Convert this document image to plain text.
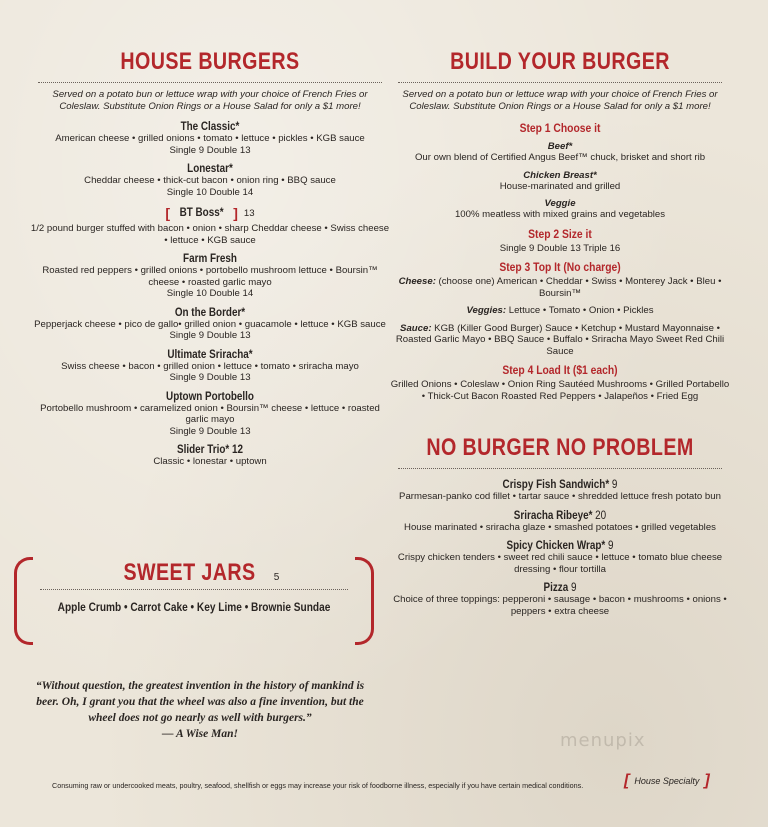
HOUSE BURGERS

Served on a potato bun or lettuce wrap with your choice of French Fries or Coleslaw. Substitute Onion Rings or a House Salad for only a $1 more!

The Classic*

American cheese • grilled onions • tomato • lettuce • pickles • KGB sauce

Single 9 Double 13

Lonestar*

Cheddar cheese • thick-cut bacon • onion ring • BBQ sauce

Single 10 Double 14

[ BT Boss* ] 13

1/2 pound burger stuffed with bacon • onion • sharp Cheddar cheese • Swiss cheese • lettuce • KGB sauce

Farm Fresh

Roasted red peppers • grilled onions • portobello mushroom lettuce • Boursin™ cheese • roasted garlic mayo

Single 10 Double 14

On the Border*

Pepperjack cheese • pico de gallo• grilled onion • guacamole • lettuce • KGB sauce

Single 9 Double 13

Ultimate Sriracha*

Swiss cheese • bacon • grilled onion • lettuce • tomato • sriracha mayo

Single 9 Double 13

Uptown Portobello

Portobello mushroom • caramelized onion • Boursin™ cheese • lettuce • roasted garlic mayo

Single 9 Double 13

Slider Trio* 12

Classic • lonestar • uptown

SWEET JARS 5
Apple Crumb • Carrot Cake • Key Lime • Brownie Sundae
“Without question, the greatest invention in the history of mankind is beer. Oh, I grant you that the wheel was also a fine invention, but the wheel does not go nearly as well with burgers.”
— A Wise Man!
BUILD YOUR BURGER

Served on a potato bun or lettuce wrap with your choice of French Fries or Coleslaw. Substitute Onion Rings or a House Salad for only a $1 more!

Step 1 Choose it

Beef*

Our own blend of Certified Angus Beef™ chuck, brisket and short rib

Chicken Breast*

House-marinated and grilled

Veggie

100% meatless with mixed grains and vegetables

Step 2 Size it

Single 9 Double 13 Triple 16

Step 3 Top It (No charge)

Cheese: (choose one) American • Cheddar • Swiss • Monterey Jack • Bleu • Boursin™

Veggies: Lettuce • Tomato • Onion • Pickles

Sauce: KGB (Killer Good Burger) Sauce • Ketchup • Mustard Mayonnaise • Roasted Garlic Mayo • BBQ Sauce • Buffalo • Sriracha Mayo Sweet Red Chili Sauce

Step 4 Load It ($1 each)

Grilled Onions • Coleslaw • Onion Ring Sautéed Mushrooms • Grilled Portabello • Thick-Cut Bacon Roasted Red Peppers • Jalapeños • Fried Egg

NO BURGER NO PROBLEM

Crispy Fish Sandwich* 9

Parmesan-panko cod fillet • tartar sauce • shredded lettuce fresh potato bun

Sriracha Ribeye* 20

House marinated • sriracha glaze • smashed potatoes • grilled vegetables

Spicy Chicken Wrap* 9

Crispy chicken tenders • sweet red chili sauce • lettuce • tomato blue cheese dressing • flour tortilla

Pizza 9

Choice of three toppings: pepperoni • sausage • bacon • mushrooms • onions • peppers • extra cheese

menupix
Consuming raw or undercooked meats, poultry, seafood, shellfish or eggs may increase your risk of foodborne illness, especially if you have certain medical conditions.	[ House Specialty ]
